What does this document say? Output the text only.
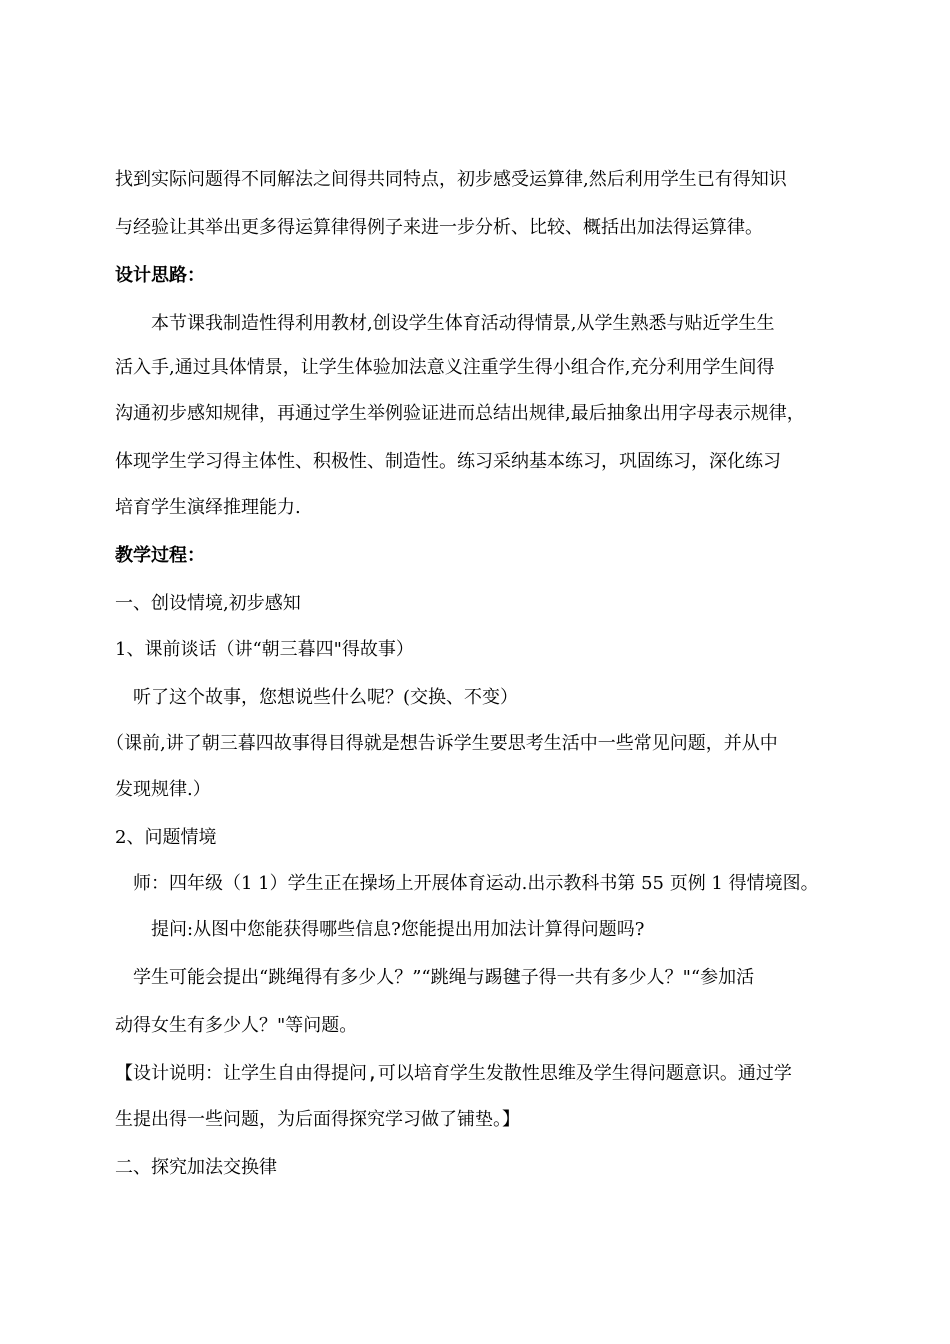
找到实际问题得不同解法之间得共同特点，初步感受运算律,然后利用学生已有得知识
与经验让其举出更多得运算律得例子来进一步分析、比较、概括出加法得运算律。
设计思路：
本节课我制造性得利用教材,创设学生体育活动得情景,从学生熟悉与贴近学生生
活入手,通过具体情景，让学生体验加法意义注重学生得小组合作,充分利用学生间得
沟通初步感知规律，再通过学生举例验证进而总结出规律,最后抽象出用字母表示规律，
体现学生学习得主体性、积极性、制造性。练习采纳基本练习，巩固练习，深化练习
培育学生演绎推理能力.
教学过程：
一、创设情境,初步感知
1、课前谈话（讲“朝三暮四"得故事）
听了这个故事，您想说些什么呢？(交换、不变）
（课前,讲了朝三暮四故事得目得就是想告诉学生要思考生活中一些常见问题，并从中
发现规律.）
2、问题情境
师：四年级（1 1）学生正在操场上开展体育运动.出示教科书第 55 页例 1 得情境图。
提问:从图中您能获得哪些信息?您能提出用加法计算得问题吗?
学生可能会提出“跳绳得有多少人？”“跳绳与踢毽子得一共有多少人？"“参加活
动得女生有多少人？"等问题。
【设计说明：让学生自由得提问,可以培育学生发散性思维及学生得问题意识。通过学
生提出得一些问题，为后面得探究学习做了铺垫。】
二、探究加法交换律
